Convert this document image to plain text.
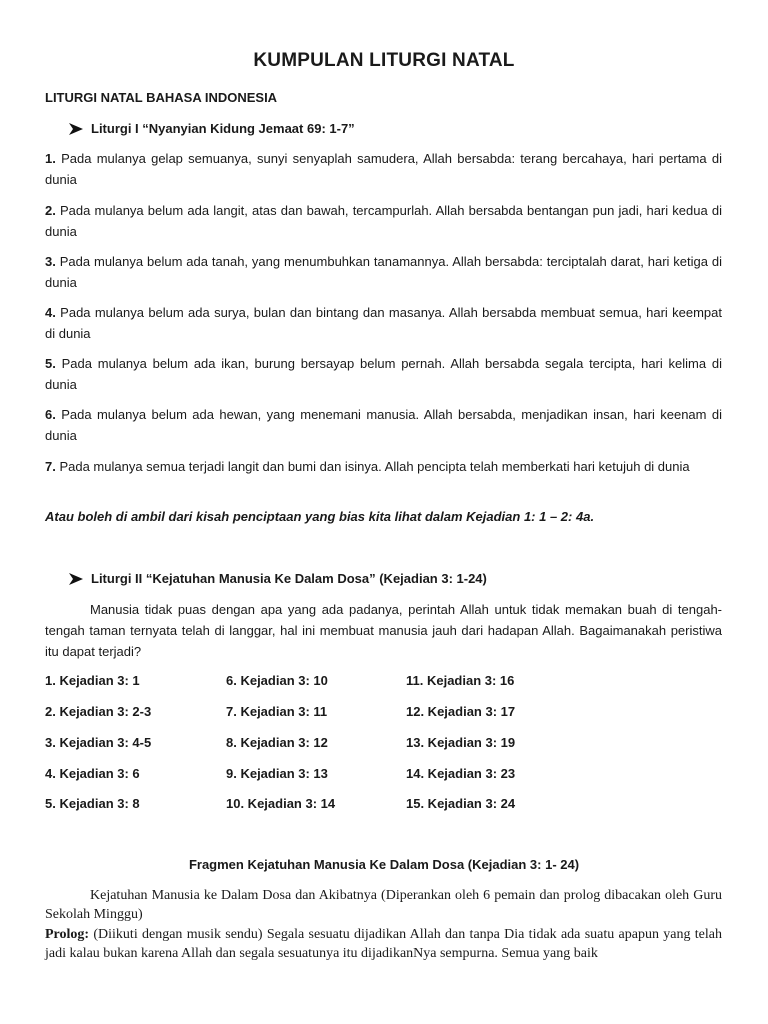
KUMPULAN LITURGI NATAL
LITURGI NATAL BAHASA INDONESIA
Liturgi I “Nyanyian Kidung Jemaat 69: 1-7”

1. Pada mulanya gelap semuanya, sunyi senyaplah samudera, Allah bersabda: terang bercahaya, hari pertama di dunia

2. Pada mulanya belum ada langit, atas dan bawah, tercampurlah. Allah bersabda bentangan pun jadi, hari kedua di dunia

3. Pada mulanya belum ada tanah, yang menumbuhkan tanamannya. Allah bersabda: terciptalah darat, hari ketiga di dunia

4. Pada mulanya belum ada surya, bulan dan bintang dan masanya. Allah bersabda membuat semua, hari keempat di dunia

5. Pada mulanya belum ada ikan, burung bersayap belum pernah. Allah bersabda segala tercipta, hari kelima di dunia

6. Pada mulanya belum ada hewan, yang menemani manusia. Allah bersabda, menjadikan insan, hari keenam di dunia

7. Pada mulanya semua terjadi langit dan bumi dan isinya. Allah pencipta telah memberkati hari ketujuh di dunia

Atau boleh di ambil dari kisah penciptaan yang bias kita lihat dalam Kejadian 1: 1 – 2: 4a.
Liturgi II “Kejatuhan Manusia Ke Dalam Dosa” (Kejadian 3: 1-24)

Manusia tidak puas dengan apa yang ada padanya, perintah Allah untuk tidak memakan buah di tengah-tengah taman ternyata telah di langgar, hal ini membuat manusia jauh dari hadapan Allah. Bagaimanakah peristiwa itu dapat terjadi?

1. Kejadian 3: 1
2. Kejadian 3: 2-3
3. Kejadian 3: 4-5
4. Kejadian 3: 6
5. Kejadian 3: 8
6. Kejadian 3: 10
7. Kejadian 3: 11
8. Kejadian 3: 12
9. Kejadian 3: 13
10. Kejadian 3: 14
11. Kejadian 3: 16
12. Kejadian 3: 17
13. Kejadian 3: 19
14. Kejadian 3: 23
15. Kejadian 3: 24
Fragmen Kejatuhan Manusia Ke Dalam Dosa (Kejadian 3: 1- 24)

Kejatuhan Manusia ke Dalam Dosa dan Akibatnya (Diperankan oleh 6 pemain dan prolog dibacakan oleh Guru Sekolah Minggu)

Prolog: (Diikuti dengan musik sendu) Segala sesuatu dijadikan Allah dan tanpa Dia tidak ada suatu apapun yang telah jadi kalau bukan karena Allah dan segala sesuatunya itu dijadikanNya sempurna. Semua yang baik
